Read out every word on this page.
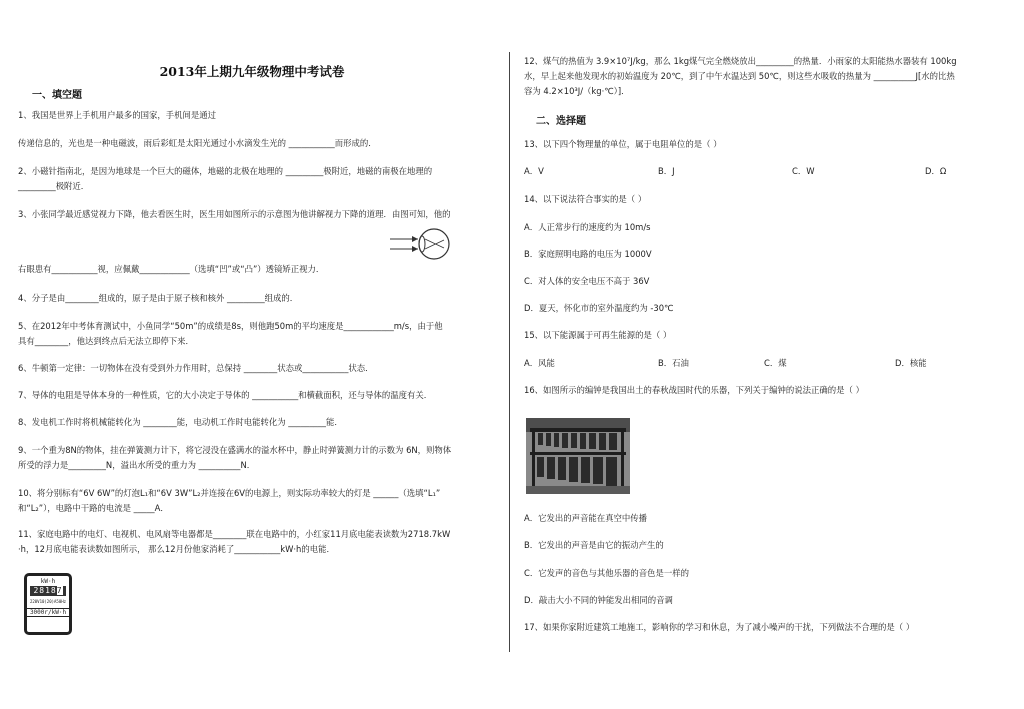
2013年上期九年级物理中考试卷
一、填空题
1、我国是世界上手机用户最多的国家，手机间是通过
传递信息的，光也是一种电磁波，雨后彩虹是太阳光通过小水滴发生光的 ___________而形成的．
2、小磁针指南北，是因为地球是一个巨大的磁体，地磁的北极在地理的 _________极附近，地磁的南极在地理的
_________极附近．
3、小张同学最近感觉视力下降，他去看医生时，医生用如图所示的示意图为他讲解视力下降的道理．由图可知，他的
右眼患有___________视，应佩戴____________（选填“凹”或“凸”）透镜矫正视力．
4、分子是由________组成的，原子是由于原子核和核外 _________组成的．
5、在2012年中考体育测试中，小鱼同学“50m”的成绩是8s，则他跑50m的平均速度是____________m/s，由于他
具有________，他达到终点后无法立即停下来．
6、牛顿第一定律：一切物体在没有受到外力作用时，总保持 ________状态或___________状态．
7、导体的电阻是导体本身的一种性质，它的大小决定于导体的 ___________和横截面积，还与导体的温度有关．
8、发电机工作时将机械能转化为 ________能，电动机工作时电能转化为 _________能．
9、一个重为8N的物体，挂在弹簧测力计下，将它浸没在盛满水的溢水杯中，静止时弹簧测力计的示数为 6N，则物体
所受的浮力是_________N，溢出水所受的重力为 __________N．
10、将分别标有“6V 6W”的灯泡L₁和“6V 3W”L₂并连接在6V的电源上，则实际功率较大的灯是 ______（选填“L₁”
和“L₂”），电路中干路的电流是 _____A．
11、家庭电路中的电灯、电视机、电风扇等电器都是________联在电路中的，小红家11月底电能表读数为2718.7kW
·h，12月底电能表读数如图所示， 那么12月份他家消耗了___________kW·h的电能．
kW·h
28187
220V10(20)A50Hz
3000r/kW·h
12、煤气的热值为 3.9×10⁷J/kg，那么 1kg煤气完全燃烧放出_________的热量．小雨家的太阳能热水器装有 100kg
水，早上起来他发现水的初始温度为 20℃，到了中午水温达到 50℃，则这些水吸收的热量为 __________J[水的比热
容为 4.2×10³J/（kg·℃）]．
二、选择题
13、以下四个物理量的单位，属于电阻单位的是（ ）
A．V	B．J	C．W	D．Ω
14、以下说法符合事实的是（ ）
A．人正常步行的速度约为 10m/s
B．家庭照明电路的电压为 1000V
C．对人体的安全电压不高于 36V
D．夏天，怀化市的室外温度约为 -30℃
15、以下能源属于可再生能源的是（ ）
A．风能	B．石油	C．煤	D．核能
16、如图所示的编钟是我国出土的春秋战国时代的乐器，下列关于编钟的说法正确的是（ ）
A．它发出的声音能在真空中传播
B．它发出的声音是由它的振动产生的
C．它发声的音色与其他乐器的音色是一样的
D．敲击大小不同的钟能发出相同的音调
17、如果你家附近建筑工地施工，影响你的学习和休息，为了减小噪声的干扰，下列做法不合理的是（ ）
